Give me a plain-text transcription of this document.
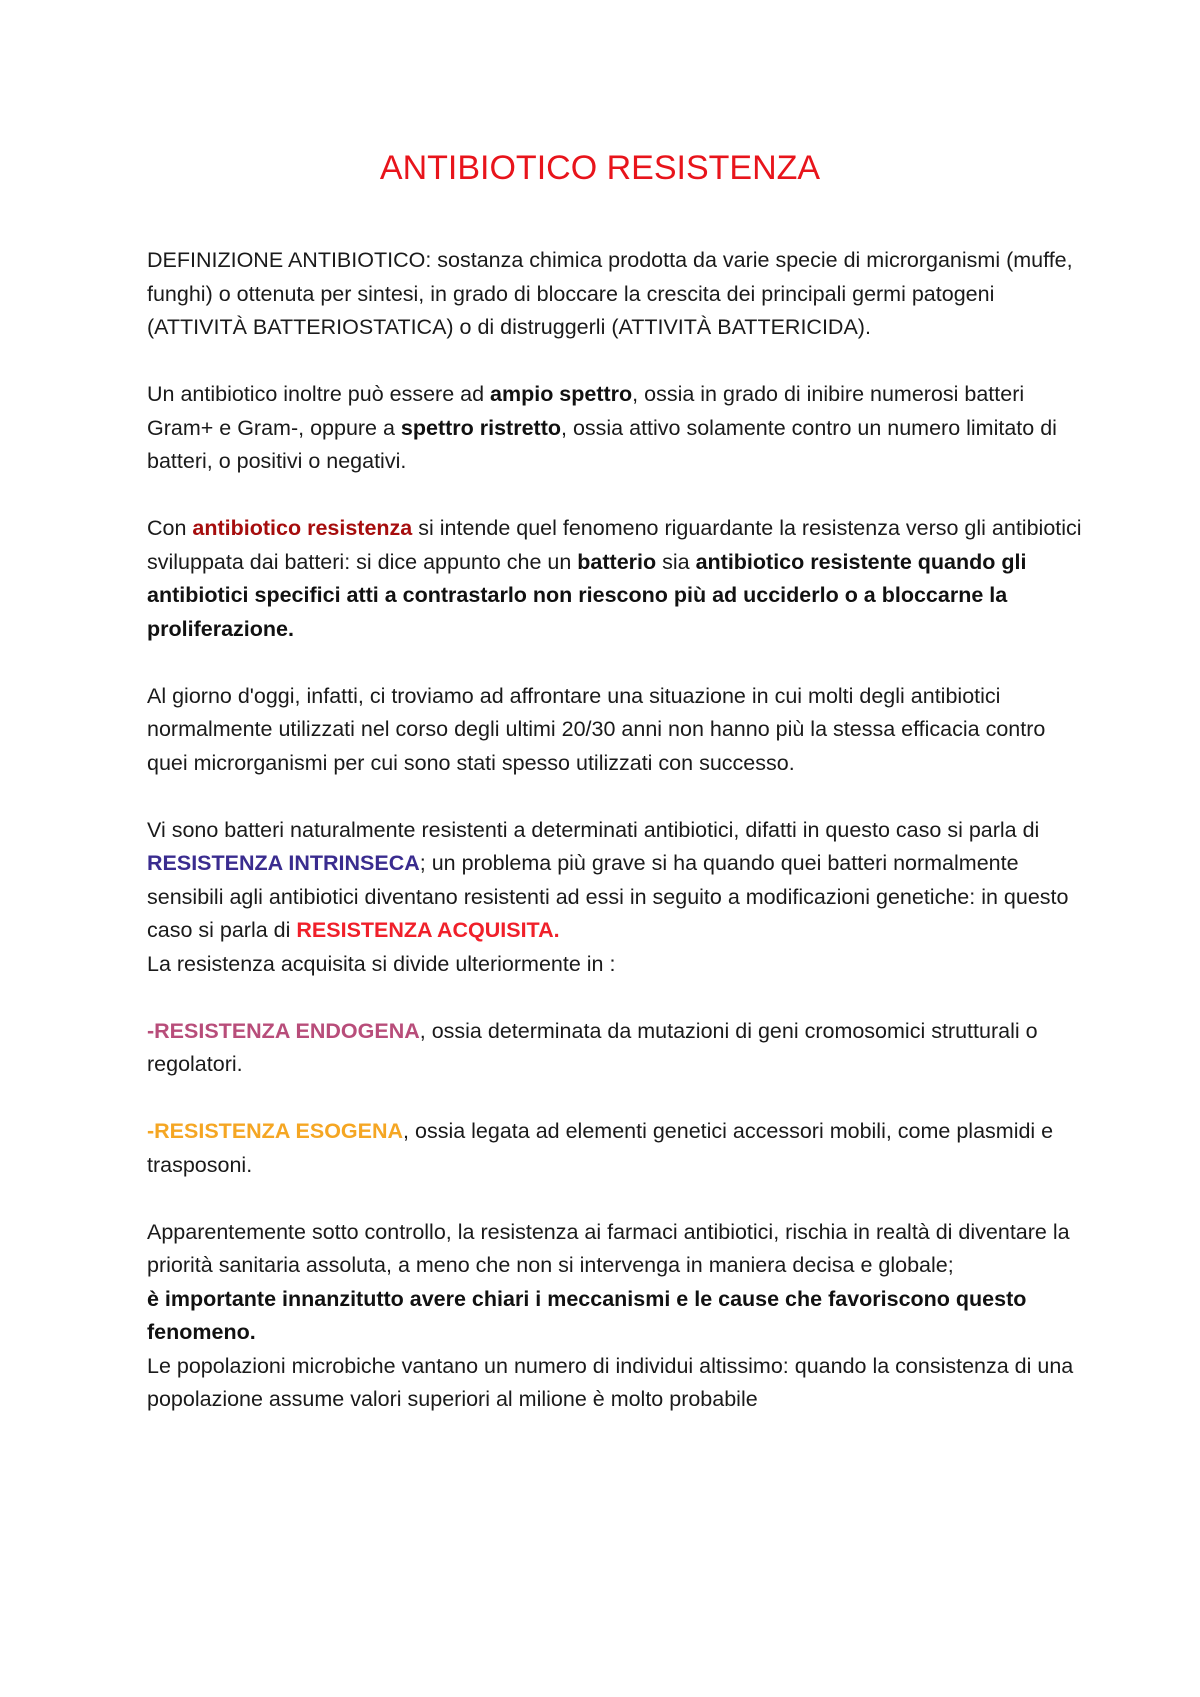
ANTIBIOTICO RESISTENZA

DEFINIZIONE ANTIBIOTICO: sostanza chimica prodotta da varie specie di microrganismi (muffe, funghi) o ottenuta per sintesi, in grado di bloccare la crescita dei principali germi patogeni (ATTIVITÀ BATTERIOSTATICA) o di distruggerli (ATTIVITÀ BATTERICIDA).

Un antibiotico inoltre può essere ad ampio spettro, ossia in grado di inibire numerosi batteri Gram+ e Gram-, oppure a spettro ristretto, ossia attivo solamente contro un numero limitato di batteri, o positivi o negativi.

Con antibiotico resistenza si intende quel fenomeno riguardante la resistenza verso gli antibiotici sviluppata dai batteri: si dice appunto che un batterio sia antibiotico resistente quando gli antibiotici specifici atti a contrastarlo non riescono più ad ucciderlo o a bloccarne la proliferazione.

Al giorno d'oggi, infatti, ci troviamo ad affrontare una situazione in cui molti degli antibiotici normalmente utilizzati nel corso degli ultimi 20/30 anni non hanno più la stessa efficacia contro quei microrganismi per cui sono stati spesso utilizzati con successo.

Vi sono batteri naturalmente resistenti a determinati antibiotici, difatti in questo caso si parla di RESISTENZA INTRINSECA; un problema più grave si ha quando quei batteri normalmente sensibili agli antibiotici diventano resistenti ad essi in seguito a modificazioni genetiche: in questo caso si parla di RESISTENZA ACQUISITA.
La resistenza acquisita si divide ulteriormente in :

-RESISTENZA ENDOGENA, ossia determinata da mutazioni di geni cromosomici strutturali o regolatori.

-RESISTENZA ESOGENA, ossia legata ad elementi genetici accessori mobili, come plasmidi e trasposoni.

Apparentemente sotto controllo, la resistenza ai farmaci antibiotici, rischia in realtà di diventare la priorità sanitaria assoluta, a meno che non si intervenga in maniera decisa e globale;
è importante innanzitutto avere chiari i meccanismi e le cause che favoriscono questo fenomeno.
Le popolazioni microbiche vantano un numero di individui altissimo: quando la consistenza di una popolazione assume valori superiori al milione è molto probabile
